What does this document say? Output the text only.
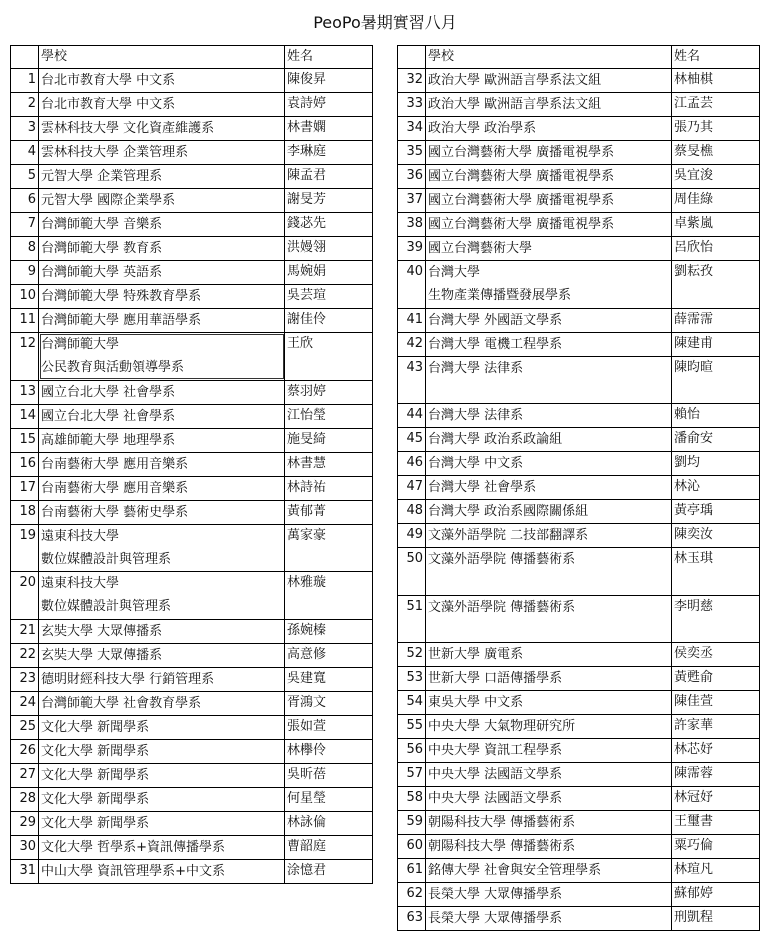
PeoPo暑期實習八月
	學校	姓名
1	台北市教育大學 中文系	陳俊昇
2	台北市教育大學 中文系	袁詩婷
3	雲林科技大學 文化資產維護系	林書嫻
4	雲林科技大學 企業管理系	李琳庭
5	元智大學 企業管理系	陳孟君
6	元智大學 國際企業學系	謝旻芳
7	台灣師範大學 音樂系	錢苾先
8	台灣師範大學 教育系	洪嫚翎
9	台灣師範大學 英語系	馬婉娟
10	台灣師範大學 特殊教育學系	吳芸瑄
11	台灣師範大學 應用華語學系	謝佳伶
12	台灣師範大學
公民教育與活動領導學系	王欣
13	國立台北大學 社會學系	蔡羽婷
14	國立台北大學 社會學系	江怡瑩
15	高雄師範大學 地理學系	施旻綺
16	台南藝術大學 應用音樂系	林書慧
17	台南藝術大學 應用音樂系	林詩祐
18	台南藝術大學 藝術史學系	黃郁菁
19	遠東科技大學
數位媒體設計與管理系	萬家豪
20	遠東科技大學
數位媒體設計與管理系	林雅璇
21	玄奘大學 大眾傳播系	孫婉榛
22	玄奘大學 大眾傳播系	高意修
23	德明財經科技大學 行銷管理系	吳建寬
24	台灣師範大學 社會教育學系	胥鴻文
25	文化大學 新聞學系	張如萱
26	文化大學 新聞學系	林欅伶
27	文化大學 新聞學系	吳昕蓓
28	文化大學 新聞學系	何星瑩
29	文化大學 新聞學系	林詠倫
30	文化大學 哲學系+資訊傳播學系	曹韶庭
31	中山大學 資訊管理學系+中文系	涂憶君
	學校	姓名
32	政治大學 歐洲語言學系法文組	林柚棋
33	政治大學 歐洲語言學系法文組	江孟芸
34	政治大學 政治學系	張乃其
35	國立台灣藝術大學 廣播電視學系	蔡旻樵
36	國立台灣藝術大學 廣播電視學系	吳宜浚
37	國立台灣藝術大學 廣播電視學系	周佳綠
38	國立台灣藝術大學 廣播電視學系	卓紫嵐
39	國立台灣藝術大學	呂欣怡
40	台灣大學
生物產業傳播暨發展學系	劉耘孜
41	台灣大學 外國語文學系	薛霈霈
42	台灣大學 電機工程學系	陳建甫
43	台灣大學 法律系	陳昀暄
44	台灣大學 法律系	賴怡
45	台灣大學 政治系政論組	潘俞安
46	台灣大學 中文系	劉均
47	台灣大學 社會學系	林沁
48	台灣大學 政治系國際關係組	黃亭瑀
49	文藻外語學院 二技部翻譯系	陳奕汝
50	文藻外語學院 傳播藝術系	林玉琪
51	文藻外語學院 傳播藝術系	李明慈
52	世新大學 廣電系	侯奕丞
53	世新大學 口語傳播學系	黃甦俞
54	東吳大學 中文系	陳佳萱
55	中央大學 大氣物理研究所	許家華
56	中央大學 資訊工程學系	林芯妤
57	中央大學 法國語文學系	陳霈蓉
58	中央大學 法國語文學系	林冠妤
59	朝陽科技大學 傳播藝術系	王璽書
60	朝陽科技大學 傳播藝術系	粟巧倫
61	銘傳大學 社會與安全管理學系	林瑄凡
62	長榮大學 大眾傳播學系	蘇郁婷
63	長榮大學 大眾傳播學系	刑凱程
